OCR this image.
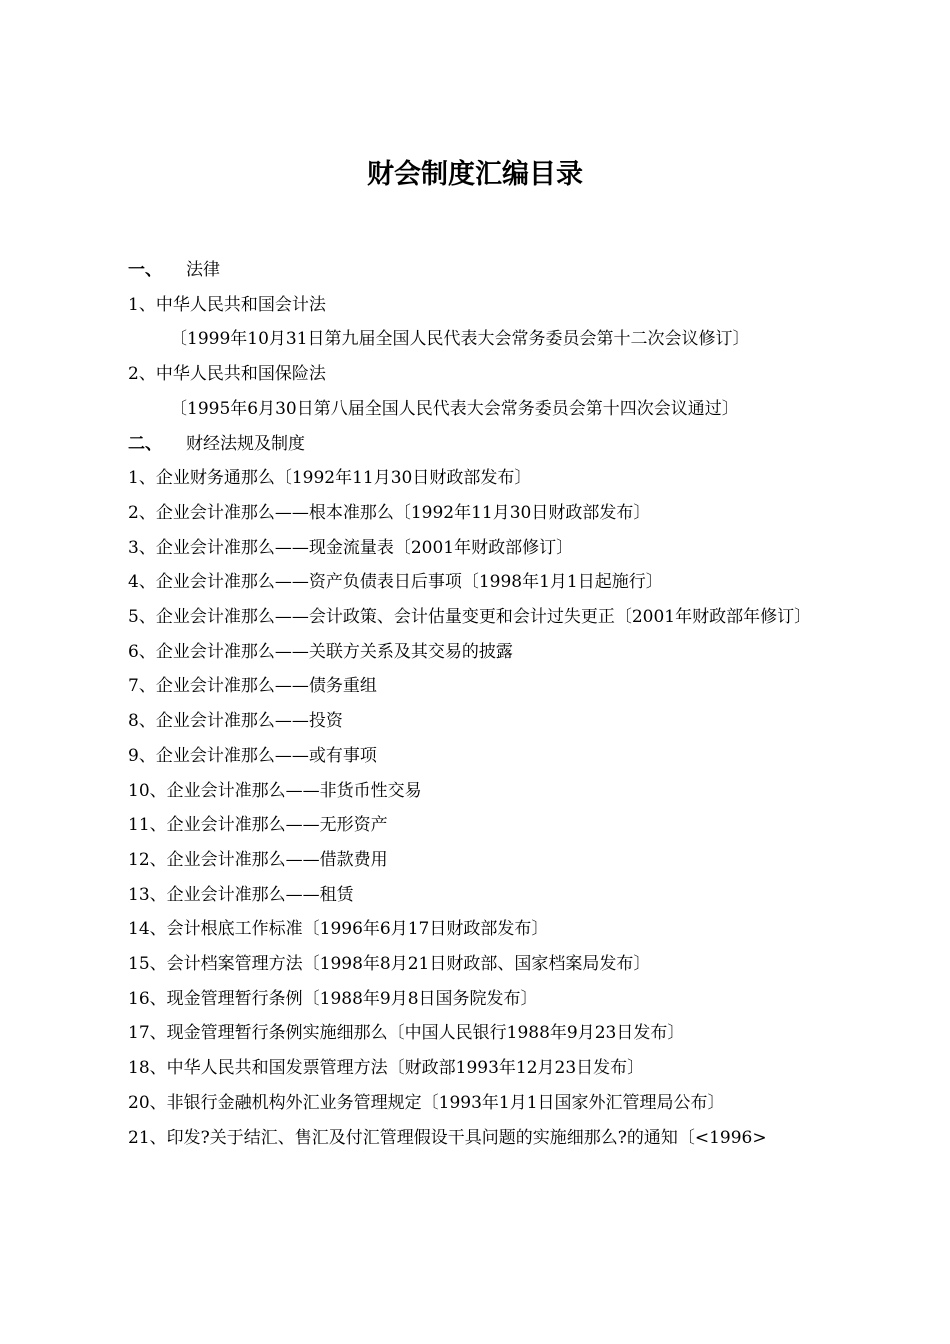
财会制度汇编目录
一、 法律
1、中华人民共和国会计法
〔1999年10月31日第九届全国人民代表大会常务委员会第十二次会议修订〕
2、中华人民共和国保险法
〔1995年6月30日第八届全国人民代表大会常务委员会第十四次会议通过〕
二、 财经法规及制度
1、企业财务通那么〔1992年11月30日财政部发布〕
2、企业会计准那么——根本准那么〔1992年11月30日财政部发布〕
3、企业会计准那么——现金流量表〔2001年财政部修订〕
4、企业会计准那么——资产负债表日后事项〔1998年1月1日起施行〕
5、企业会计准那么——会计政策、会计估量变更和会计过失更正〔2001年财政部年修订〕
6、企业会计准那么——关联方关系及其交易的披露
7、企业会计准那么——债务重组
8、企业会计准那么——投资
9、企业会计准那么——或有事项
10、企业会计准那么——非货币性交易
11、企业会计准那么——无形资产
12、企业会计准那么——借款费用
13、企业会计准那么——租赁
14、会计根底工作标准〔1996年6月17日财政部发布〕
15、会计档案管理方法〔1998年8月21日财政部、国家档案局发布〕
16、现金管理暂行条例〔1988年9月8日国务院发布〕
17、现金管理暂行条例实施细那么〔中国人民银行1988年9月23日发布〕
18、中华人民共和国发票管理方法〔财政部1993年12月23日发布〕
20、非银行金融机构外汇业务管理规定〔1993年1月1日国家外汇管理局公布〕
21、印发?关于结汇、售汇及付汇管理假设干具问题的实施细那么?的通知〔<1996>
